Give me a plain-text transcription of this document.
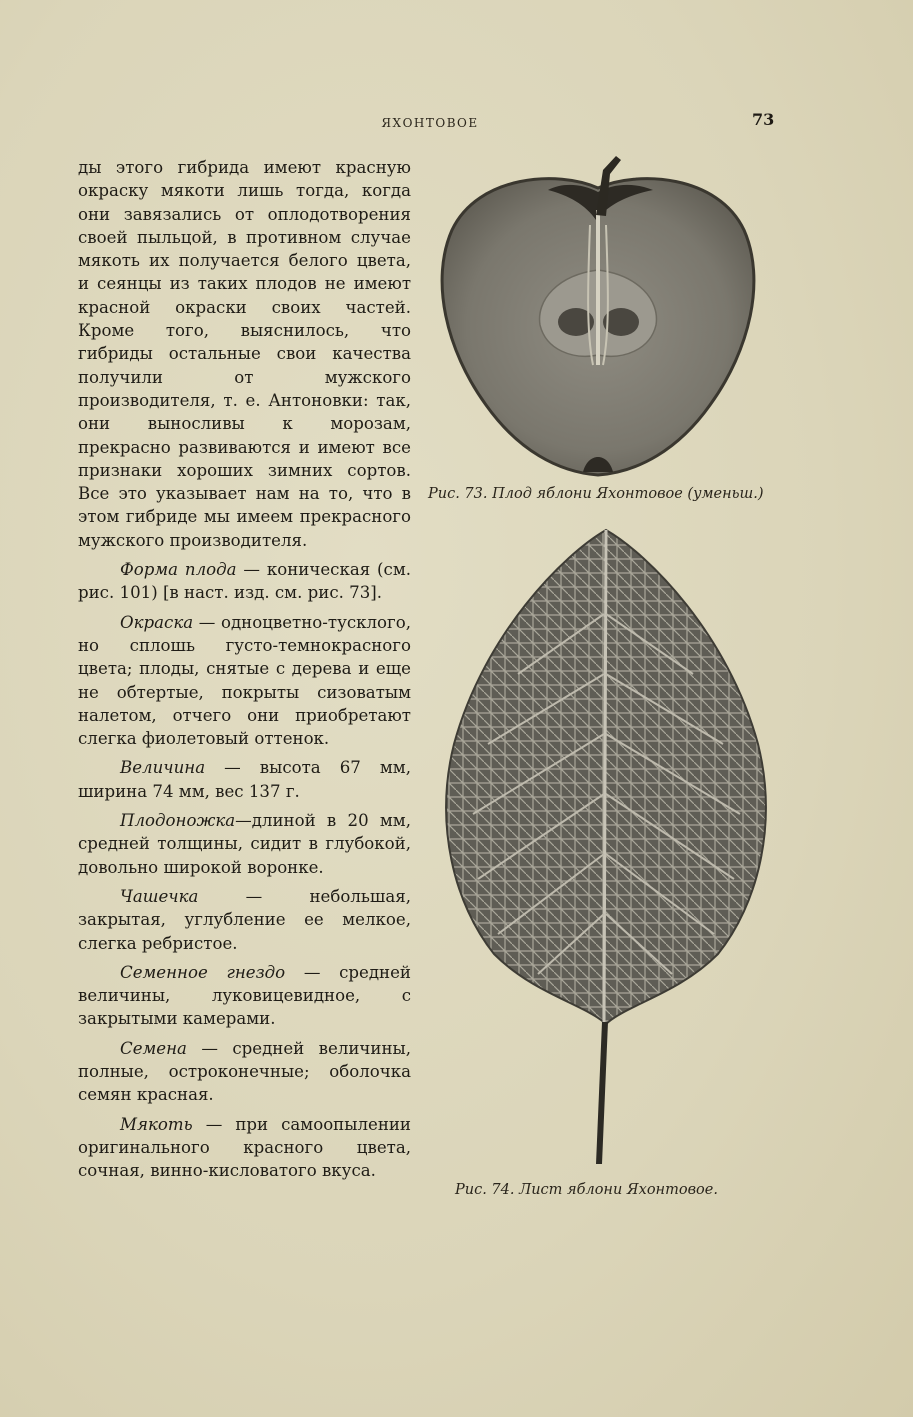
ЯХОНТОВОЕ	73

ды этого гибрида имеют красную окраску мякоти лишь тогда, когда они завязались от оплодотворения своей пыльцой, в противном случае мякоть их получается белого цвета, и сеянцы из таких плодов не имеют красной окраски своих частей. Кроме того, выяснилось, что гибриды остальные свои качества получили от мужского производителя, т. е. Антоновки: так, они выносливы к морозам, прекрасно развиваются и имеют все признаки хороших зимних сортов. Все это указывает нам на то, что в этом гибриде мы имеем прекрасного мужского производителя.

Форма плода — коническая (см. рис. 101) [в наст. изд. см. рис. 73].

Окраска — одноцветно-тусклого, но сплошь густо-темнокрасного цвета; плоды, снятые с дерева и еще не обтертые, покрыты сизоватым налетом, отчего они приобретают слегка фиолетовый оттенок.

Величина — высота 67 мм, ширина 74 мм, вес 137 г.

Плодоножка—длиной в 20 мм, средней толщины, сидит в глубокой, довольно широкой воронке.

Чашечка — небольшая, закрытая, углубление ее мелкое, слегка ребристое.

Семенное гнездо — средней величины, луковицевидное, с закрытыми камерами.

Семена — средней величины, полные, остроконечные; оболочка семян красная.

Мякоть — при самоопылении оригинального красного цвета, сочная, винно-кисловатого вкуса.

Рис. 73. Плод яблони Яхонтовое (уменьш.)
Рис. 74. Лист яблони Яхонтовое.
